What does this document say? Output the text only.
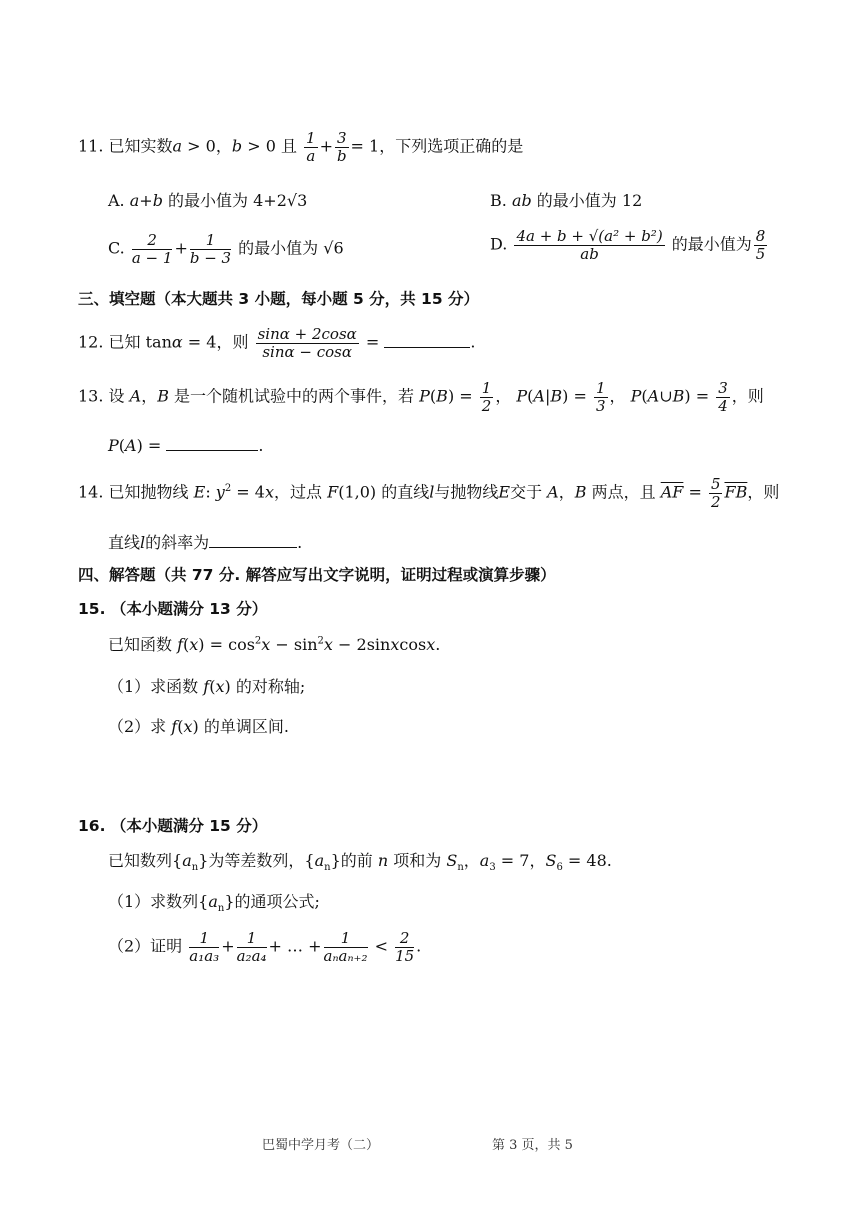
11. 已知实数a > 0，b > 0 且 $\frac{1}{a} + \frac{3}{b} = 1$，下列选项正确的是
A. a+b 的最小值为 4+2√3	B. ab 的最小值为 12
C. $\frac{2}{a - 1} + \frac{1}{b - 3}$ 的最小值为 √6	D. $\frac{\text{4a + b + √(a² + b²)}}{ab}$ 的最小值为 $\frac{8}{5}$
三、填空题（本大题共 3 小题，每小题 5 分，共 15 分）
12. 已知 tanα = 4，则 $\frac{\sin\alpha + 2\cos\alpha}{\sin\alpha - \cos\alpha}$ =	.
13. 设 A，B 是一个随机试验中的两个事件，若 $P(B) = \frac{1}{2}$ ， $P(A|B) = \frac{1}{3}$ ， P(A∪B) = $\frac{3}{4}$ ，则
P(A) =	.
14. 已知抛物线 E: $y^2 = 4x$，过点 F(1,0) 的直线l与抛物线E交于 A，B 两点，且 $\overline{AF} = \frac{5}{2} \overline{FB}$，则
直线l的斜率为	.
四、解答题（共 77 分. 解答应写出文字说明，证明过程或演算步骤）
15. （本小题满分 13 分）
已知函数 $f(x) = \cos^2x - \sin^2x$ − 2sinxcosx.
（1）求函数 f(x) 的对称轴;
（2）求 f(x) 的单调区间.
16. （本小题满分 15 分）
已知数列$\{a_n\}$为等差数列，$\{a_n\}$的前 n 项和为 $S_n$，$a_3 = 7$，$S_6 = 48$.
（1）求数列$\{a_n\}$的通项公式;
（2）证明 $\frac{1}{\text{a₁a₃}} + \frac{1}{\text{a₂a₄}}$ + … + $\frac{1}{\text{aₙaₙ₊₂}} < \frac{2}{15}$ .
巴蜀中学月考（二）	第 3 页，共 5
